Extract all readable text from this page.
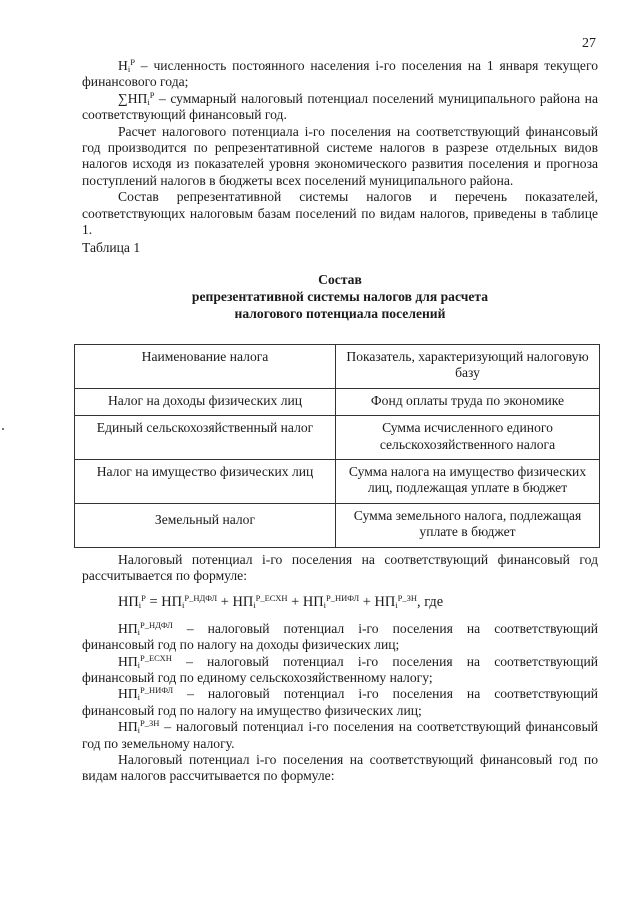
27

$Н_i^Р$ – численность постоянного населения i-го поселения на 1 января текущего финансового года;

$\sum НП_i^Р$ – суммарный налоговый потенциал поселений муниципального района на соответствующий финансовый год.

Расчет налогового потенциала i-го поселения на соответствующий финансовый год производится по репрезентативной системе налогов в разрезе отдельных видов налогов исходя из показателей уровня экономического развития поселения и прогноза поступлений налогов в бюджеты всех поселений муниципального района.

Состав репрезентативной системы налогов и перечень показателей, соответствующих налоговым базам поселений по видам налогов, приведены в таблице 1.

Таблица 1

Состав

репрезентативной системы налогов для расчета

налогового потенциала поселений

Наименование налога	Показатель, характеризующий налоговую базу
Налог на доходы физических лиц	Фонд оплаты труда по экономике
Единый сельскохозяйственный налог	Сумма исчисленного единого сельскохозяйственного налога
Налог на имущество физических лиц	Сумма налога на имущество физических лиц, подлежащая уплате в бюджет
Земельный налог	Сумма земельного налога, подлежащая уплате в бюджет

Налоговый потенциал i-го поселения на соответствующий финансовый год рассчитывается по формуле:

$НП_i^Р = НП_i^{Р\_НДФЛ} + НП_i^{Р\_ЕСХН} + НП_i^{Р\_НИФЛ} + НП_i^{Р\_ЗН}$, где

$НП_i^{Р\_НДФЛ}$ – налоговый потенциал i-го поселения на соответствующий финансовый год по налогу на доходы физических лиц;

$НП_i^{Р\_ЕСХН}$ – налоговый потенциал i-го поселения на соответствующий финансовый год по единому сельскохозяйственному налогу;

$НП_i^{Р\_НИФЛ}$ – налоговый потенциал i-го поселения на соответствующий финансовый год по налогу на имущество физических лиц;

$НП_i^{Р\_ЗН}$ – налоговый потенциал i-го поселения на соответствующий финансовый год по земельному налогу.

Налоговый потенциал i-го поселения на соответствующий финансовый год по видам налогов рассчитывается по формуле:
